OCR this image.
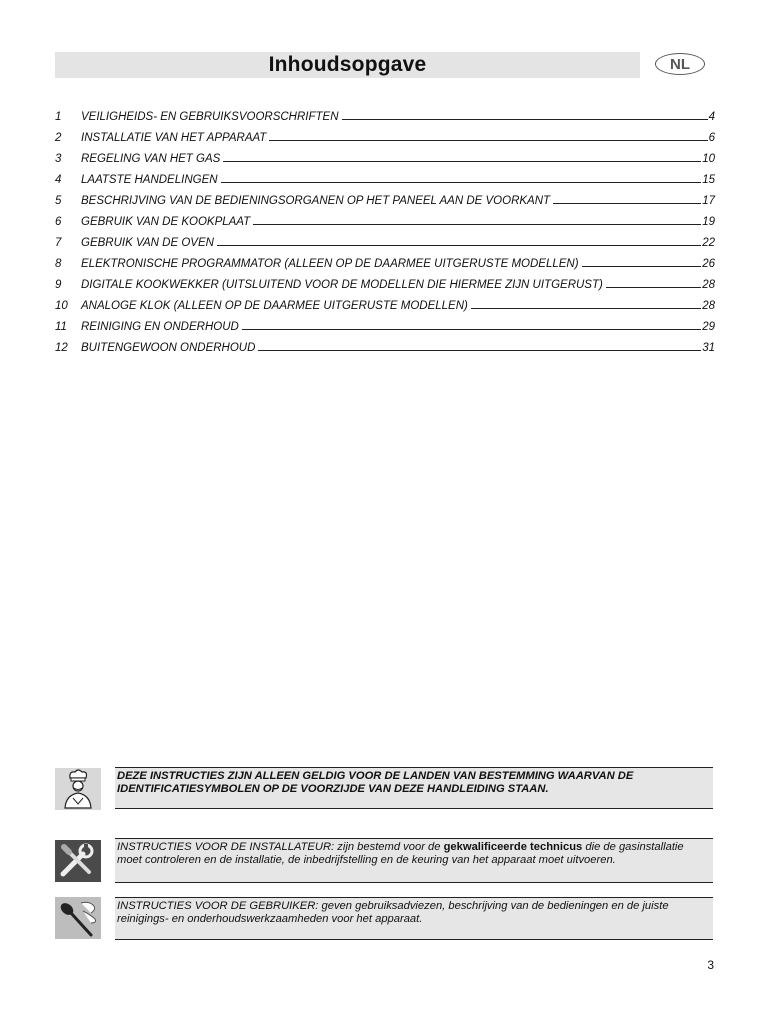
Inhoudsopgave	NL
1	VEILIGHEIDS- EN GEBRUIKSVOORSCHRIFTEN	4
2	INSTALLATIE VAN HET APPARAAT	6
3	REGELING VAN HET GAS	10
4	LAATSTE HANDELINGEN	15
5	BESCHRIJVING VAN DE BEDIENINGSORGANEN OP HET PANEEL AAN DE VOORKANT	17
6	GEBRUIK VAN DE KOOKPLAAT	19
7	GEBRUIK VAN DE OVEN	22
8	ELEKTRONISCHE PROGRAMMATOR (ALLEEN OP DE DAARMEE UITGERUSTE MODELLEN)	26
9	DIGITALE KOOKWEKKER (UITSLUITEND VOOR DE MODELLEN DIE HIERMEE ZIJN UITGERUST)	28
10	ANALOGE KLOK (ALLEEN OP DE DAARMEE UITGERUSTE MODELLEN)	28
11	REINIGING EN ONDERHOUD	29
12	BUITENGEWOON ONDERHOUD	31
DEZE INSTRUCTIES ZIJN ALLEEN GELDIG VOOR DE LANDEN VAN BESTEMMING WAARVAN DE IDENTIFICATIESYMBOLEN OP DE VOORZIJDE VAN DEZE HANDLEIDING STAAN.
INSTRUCTIES VOOR DE INSTALLATEUR: zijn bestemd voor de gekwalificeerde technicus die de gasinstallatie moet controleren en de installatie, de inbedrijfstelling en de keuring van het apparaat moet uitvoeren.
INSTRUCTIES VOOR DE GEBRUIKER: geven gebruiksadviezen, beschrijving van de bedieningen en de juiste reinigings- en onderhoudswerkzaamheden voor het apparaat.
3
